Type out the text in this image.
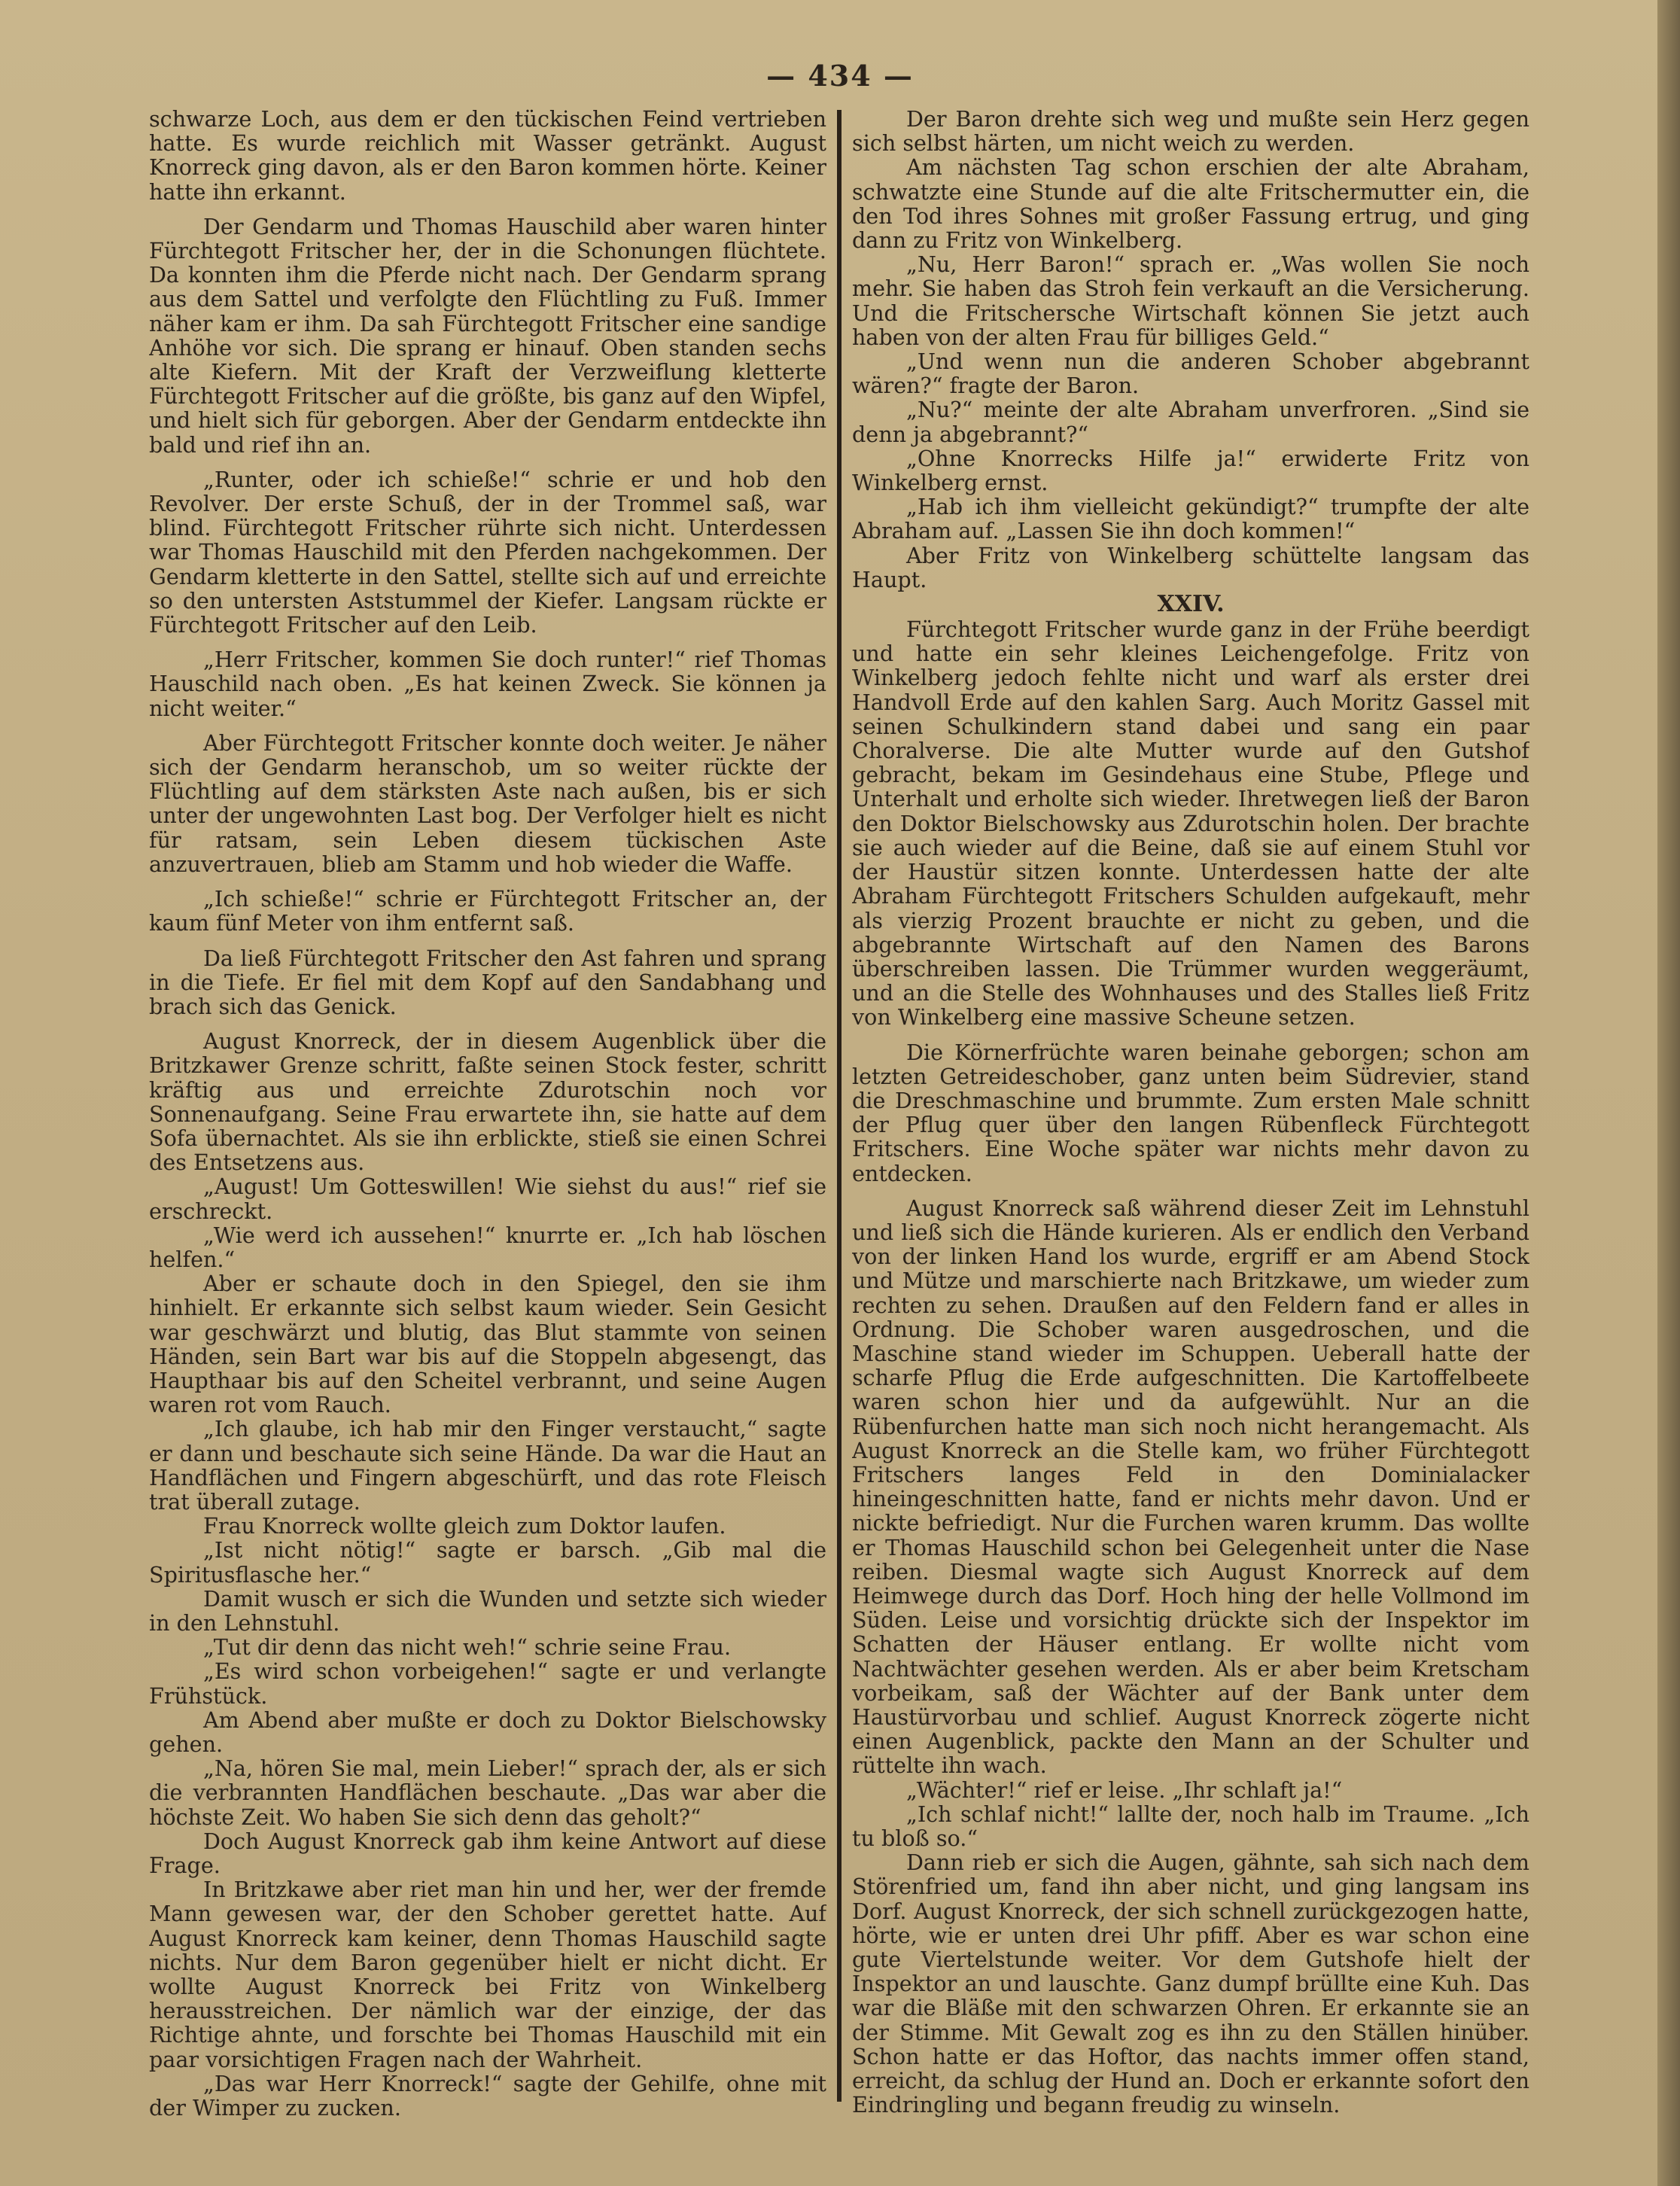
— 434 —

schwarze Loch, aus dem er den tückischen Feind vertrieben hatte. Es wurde reichlich mit Wasser getränkt. August Knorreck ging davon, als er den Baron kommen hörte. Keiner hatte ihn erkannt.

Der Gendarm und Thomas Hauschild aber waren hinter Fürchtegott Fritscher her, der in die Schonungen flüchtete. Da konnten ihm die Pferde nicht nach. Der Gendarm sprang aus dem Sattel und verfolgte den Flüchtling zu Fuß. Immer näher kam er ihm. Da sah Fürchtegott Fritscher eine sandige Anhöhe vor sich. Die sprang er hinauf. Oben standen sechs alte Kiefern. Mit der Kraft der Verzweiflung kletterte Fürchtegott Fritscher auf die größte, bis ganz auf den Wipfel, und hielt sich für geborgen. Aber der Gendarm entdeckte ihn bald und rief ihn an.

„Runter, oder ich schieße!“ schrie er und hob den Revolver. Der erste Schuß, der in der Trommel saß, war blind. Fürchtegott Fritscher rührte sich nicht. Unterdessen war Thomas Hauschild mit den Pferden nachgekommen. Der Gendarm kletterte in den Sattel, stellte sich auf und erreichte so den untersten Aststummel der Kiefer. Langsam rückte er Fürchtegott Fritscher auf den Leib.

„Herr Fritscher, kommen Sie doch runter!“ rief Thomas Hauschild nach oben. „Es hat keinen Zweck. Sie können ja nicht weiter.“

Aber Fürchtegott Fritscher konnte doch weiter. Je näher sich der Gendarm heranschob, um so weiter rückte der Flüchtling auf dem stärksten Aste nach außen, bis er sich unter der ungewohnten Last bog. Der Verfolger hielt es nicht für ratsam, sein Leben diesem tückischen Aste anzuvertrauen, blieb am Stamm und hob wieder die Waffe.

„Ich schieße!“ schrie er Fürchtegott Fritscher an, der kaum fünf Meter von ihm entfernt saß.

Da ließ Fürchtegott Fritscher den Ast fahren und sprang in die Tiefe. Er fiel mit dem Kopf auf den Sandabhang und brach sich das Genick.

August Knorreck, der in diesem Augenblick über die Britzkawer Grenze schritt, faßte seinen Stock fester, schritt kräftig aus und erreichte Zdurotschin noch vor Sonnenaufgang. Seine Frau erwartete ihn, sie hatte auf dem Sofa übernachtet. Als sie ihn erblickte, stieß sie einen Schrei des Entsetzens aus.

„August! Um Gotteswillen! Wie siehst du aus!“ rief sie erschreckt.

„Wie werd ich aussehen!“ knurrte er. „Ich hab löschen helfen.“

Aber er schaute doch in den Spiegel, den sie ihm hinhielt. Er erkannte sich selbst kaum wieder. Sein Gesicht war geschwärzt und blutig, das Blut stammte von seinen Händen, sein Bart war bis auf die Stoppeln abgesengt, das Haupthaar bis auf den Scheitel verbrannt, und seine Augen waren rot vom Rauch.

„Ich glaube, ich hab mir den Finger verstaucht,“ sagte er dann und beschaute sich seine Hände. Da war die Haut an Handflächen und Fingern abgeschürft, und das rote Fleisch trat überall zutage.

Frau Knorreck wollte gleich zum Doktor laufen.

„Ist nicht nötig!“ sagte er barsch. „Gib mal die Spiritusflasche her.“

Damit wusch er sich die Wunden und setzte sich wieder in den Lehnstuhl.

„Tut dir denn das nicht weh!“ schrie seine Frau.

„Es wird schon vorbeigehen!“ sagte er und verlangte Frühstück.

Am Abend aber mußte er doch zu Doktor Bielschowsky gehen.

„Na, hören Sie mal, mein Lieber!“ sprach der, als er sich die verbrannten Handflächen beschaute. „Das war aber die höchste Zeit. Wo haben Sie sich denn das geholt?“

Doch August Knorreck gab ihm keine Antwort auf diese Frage.

In Britzkawe aber riet man hin und her, wer der fremde Mann gewesen war, der den Schober gerettet hatte. Auf August Knorreck kam keiner, denn Thomas Hauschild sagte nichts. Nur dem Baron gegenüber hielt er nicht dicht. Er wollte August Knorreck bei Fritz von Winkelberg herausstreichen. Der nämlich war der einzige, der das Richtige ahnte, und forschte bei Thomas Hauschild mit ein paar vorsichtigen Fragen nach der Wahrheit.

„Das war Herr Knorreck!“ sagte der Gehilfe, ohne mit der Wimper zu zucken.

Der Baron drehte sich weg und mußte sein Herz gegen sich selbst härten, um nicht weich zu werden.

Am nächsten Tag schon erschien der alte Abraham, schwatzte eine Stunde auf die alte Fritschermutter ein, die den Tod ihres Sohnes mit großer Fassung ertrug, und ging dann zu Fritz von Winkelberg.

„Nu, Herr Baron!“ sprach er. „Was wollen Sie noch mehr. Sie haben das Stroh fein verkauft an die Versicherung. Und die Fritschersche Wirtschaft können Sie jetzt auch haben von der alten Frau für billiges Geld.“

„Und wenn nun die anderen Schober abgebrannt wären?“ fragte der Baron.

„Nu?“ meinte der alte Abraham unverfroren. „Sind sie denn ja abgebrannt?“

„Ohne Knorrecks Hilfe ja!“ erwiderte Fritz von Winkelberg ernst.

„Hab ich ihm vielleicht gekündigt?“ trumpfte der alte Abraham auf. „Lassen Sie ihn doch kommen!“

Aber Fritz von Winkelberg schüttelte langsam das Haupt.

XXIV.

Fürchtegott Fritscher wurde ganz in der Frühe beerdigt und hatte ein sehr kleines Leichengefolge. Fritz von Winkelberg jedoch fehlte nicht und warf als erster drei Handvoll Erde auf den kahlen Sarg. Auch Moritz Gassel mit seinen Schulkindern stand dabei und sang ein paar Choralverse. Die alte Mutter wurde auf den Gutshof gebracht, bekam im Gesindehaus eine Stube, Pflege und Unterhalt und erholte sich wieder. Ihretwegen ließ der Baron den Doktor Bielschowsky aus Zdurotschin holen. Der brachte sie auch wieder auf die Beine, daß sie auf einem Stuhl vor der Haustür sitzen konnte. Unterdessen hatte der alte Abraham Fürchtegott Fritschers Schulden aufgekauft, mehr als vierzig Prozent brauchte er nicht zu geben, und die abgebrannte Wirtschaft auf den Namen des Barons überschreiben lassen. Die Trümmer wurden weggeräumt, und an die Stelle des Wohnhauses und des Stalles ließ Fritz von Winkelberg eine massive Scheune setzen.

Die Körnerfrüchte waren beinahe geborgen; schon am letzten Getreideschober, ganz unten beim Südrevier, stand die Dreschmaschine und brummte. Zum ersten Male schnitt der Pflug quer über den langen Rübenfleck Fürchtegott Fritschers. Eine Woche später war nichts mehr davon zu entdecken.

August Knorreck saß während dieser Zeit im Lehnstuhl und ließ sich die Hände kurieren. Als er endlich den Verband von der linken Hand los wurde, ergriff er am Abend Stock und Mütze und marschierte nach Britzkawe, um wieder zum rechten zu sehen. Draußen auf den Feldern fand er alles in Ordnung. Die Schober waren ausgedroschen, und die Maschine stand wieder im Schuppen. Ueberall hatte der scharfe Pflug die Erde aufgeschnitten. Die Kartoffelbeete waren schon hier und da aufgewühlt. Nur an die Rübenfurchen hatte man sich noch nicht herangemacht. Als August Knorreck an die Stelle kam, wo früher Fürchtegott Fritschers langes Feld in den Dominialacker hineingeschnitten hatte, fand er nichts mehr davon. Und er nickte befriedigt. Nur die Furchen waren krumm. Das wollte er Thomas Hauschild schon bei Gelegenheit unter die Nase reiben. Diesmal wagte sich August Knorreck auf dem Heimwege durch das Dorf. Hoch hing der helle Vollmond im Süden. Leise und vorsichtig drückte sich der Inspektor im Schatten der Häuser entlang. Er wollte nicht vom Nachtwächter gesehen werden. Als er aber beim Kretscham vorbeikam, saß der Wächter auf der Bank unter dem Haustürvorbau und schlief. August Knorreck zögerte nicht einen Augenblick, packte den Mann an der Schulter und rüttelte ihn wach.

„Wächter!“ rief er leise. „Ihr schlaft ja!“

„Ich schlaf nicht!“ lallte der, noch halb im Traume. „Ich tu bloß so.“

Dann rieb er sich die Augen, gähnte, sah sich nach dem Störenfried um, fand ihn aber nicht, und ging langsam ins Dorf. August Knorreck, der sich schnell zurückgezogen hatte, hörte, wie er unten drei Uhr pfiff. Aber es war schon eine gute Viertelstunde weiter. Vor dem Gutshofe hielt der Inspektor an und lauschte. Ganz dumpf brüllte eine Kuh. Das war die Bläße mit den schwarzen Ohren. Er erkannte sie an der Stimme. Mit Gewalt zog es ihn zu den Ställen hinüber. Schon hatte er das Hoftor, das nachts immer offen stand, erreicht, da schlug der Hund an. Doch er erkannte sofort den Eindringling und begann freudig zu winseln.
